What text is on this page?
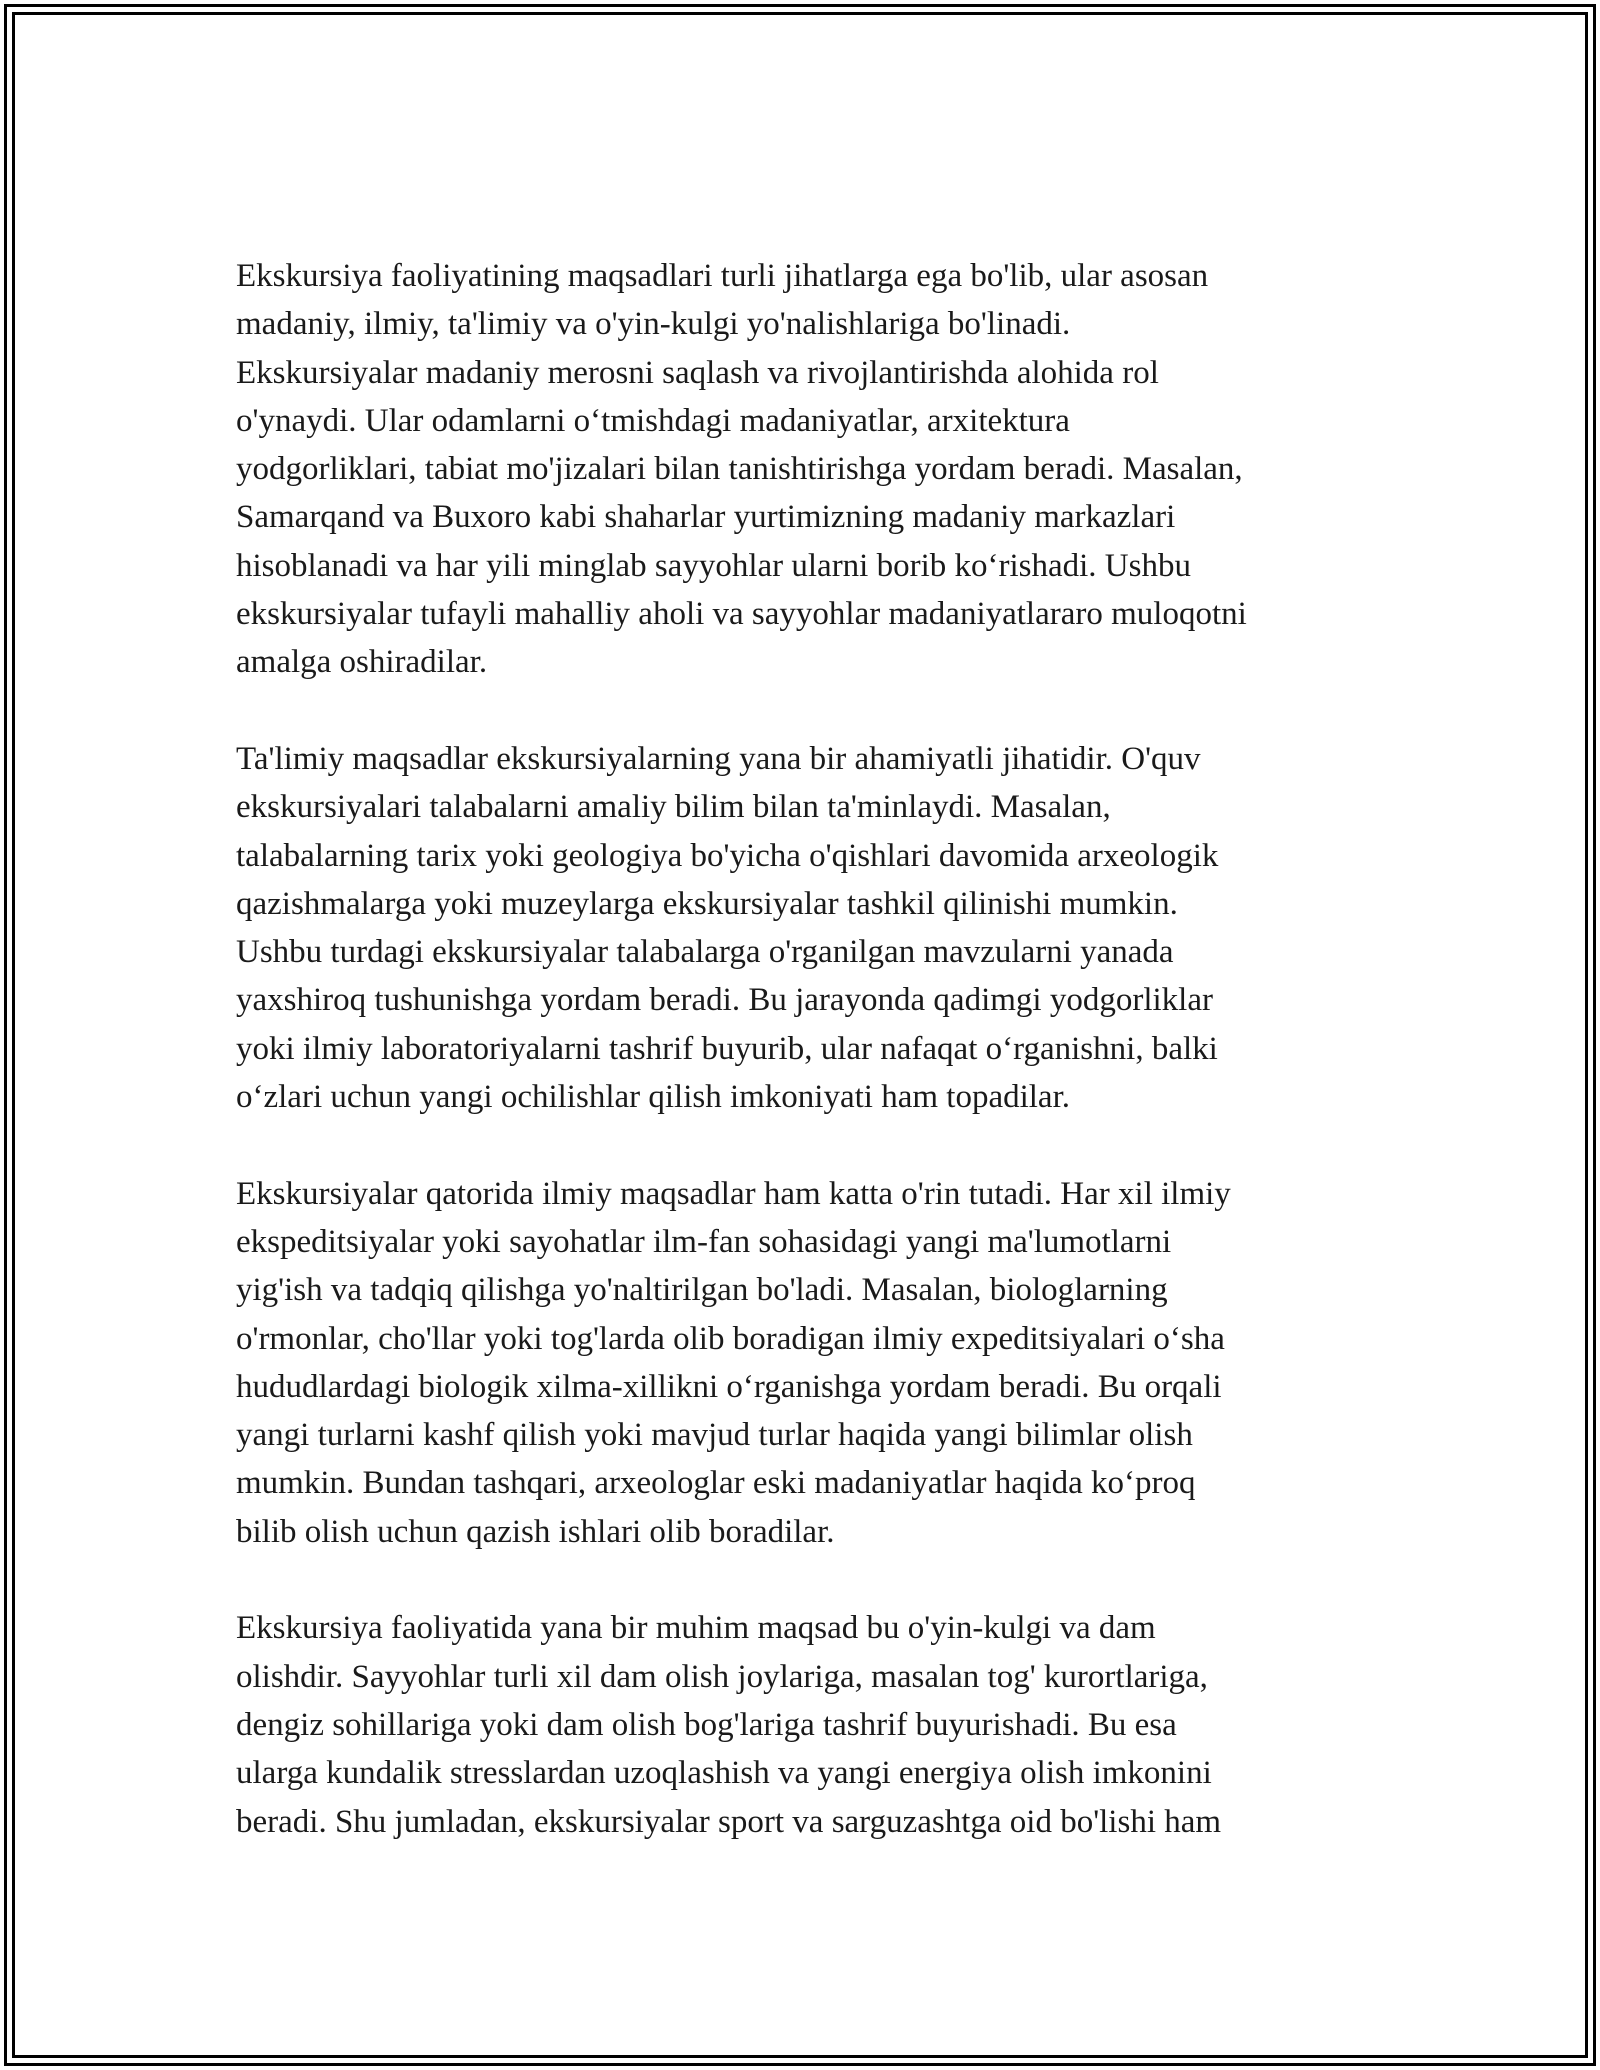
Ekskursiya faoliyatining maqsadlari turli jihatlarga ega bo'lib, ular asosan
madaniy, ilmiy, ta'limiy va o'yin-kulgi yo'nalishlariga bo'linadi.
Ekskursiyalar madaniy merosni saqlash va rivojlantirishda alohida rol
o'ynaydi. Ular odamlarni o‘tmishdagi madaniyatlar, arxitektura
yodgorliklari, tabiat mo'jizalari bilan tanishtirishga yordam beradi. Masalan,
Samarqand va Buxoro kabi shaharlar yurtimizning madaniy markazlari
hisoblanadi va har yili minglab sayyohlar ularni borib ko‘rishadi. Ushbu
ekskursiyalar tufayli mahalliy aholi va sayyohlar madaniyatlararo muloqotni
amalga oshiradilar.

Ta'limiy maqsadlar ekskursiyalarning yana bir ahamiyatli jihatidir. O'quv
ekskursiyalari talabalarni amaliy bilim bilan ta'minlaydi. Masalan,
talabalarning tarix yoki geologiya bo'yicha o'qishlari davomida arxeologik
qazishmalarga yoki muzeylarga ekskursiyalar tashkil qilinishi mumkin.
Ushbu turdagi ekskursiyalar talabalarga o'rganilgan mavzularni yanada
yaxshiroq tushunishga yordam beradi. Bu jarayonda qadimgi yodgorliklar
yoki ilmiy laboratoriyalarni tashrif buyurib, ular nafaqat o‘rganishni, balki
o‘zlari uchun yangi ochilishlar qilish imkoniyati ham topadilar.

Ekskursiyalar qatorida ilmiy maqsadlar ham katta o'rin tutadi. Har xil ilmiy
ekspeditsiyalar yoki sayohatlar ilm-fan sohasidagi yangi ma'lumotlarni
yig'ish va tadqiq qilishga yo'naltirilgan bo'ladi. Masalan, biologlarning
o'rmonlar, cho'llar yoki tog'larda olib boradigan ilmiy expeditsiyalari o‘sha
hududlardagi biologik xilma-xillikni o‘rganishga yordam beradi. Bu orqali
yangi turlarni kashf qilish yoki mavjud turlar haqida yangi bilimlar olish
mumkin. Bundan tashqari, arxeologlar eski madaniyatlar haqida ko‘proq
bilib olish uchun qazish ishlari olib boradilar.

Ekskursiya faoliyatida yana bir muhim maqsad bu o'yin-kulgi va dam
olishdir. Sayyohlar turli xil dam olish joylariga, masalan tog' kurortlariga,
dengiz sohillariga yoki dam olish bog'lariga tashrif buyurishadi. Bu esa
ularga kundalik stresslardan uzoqlashish va yangi energiya olish imkonini
beradi. Shu jumladan, ekskursiyalar sport va sarguzashtga oid bo'lishi ham
